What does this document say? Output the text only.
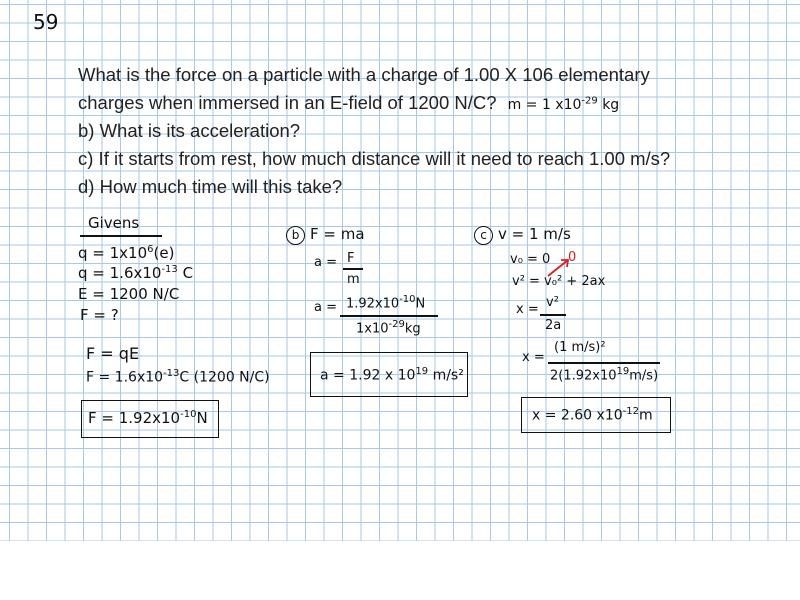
59
What is the force on a particle with a charge of 1.00 X 106 elementary
charges when immersed in an E-field of 1200 N/C? m = 1 $x10^{-29}$ kg
b) What is its acceleration?
c) If it starts from rest, how much distance will it need to reach 1.00 m/s?
d) How much time will this take?
Givens
$q = 1x10^6(e)$
$q = 1.6x10^{-13}$ C
E = 1200 N/C
F = ?
F = qE
$F = 1.6x10^{-13}C$ (1200 N/C)
$F = 1.92x10^{-10}N$
b F = ma
a = F
m
$a = 1.92x10^{-10}N$
$1x10^{-29}kg$
a = 1.92 x $10^{19}$ m/s²
c v = 1 m/s
v₀ = 0
v² = v₀² + 2ax
0
x = v²
2a
x =
(1 m/s)²
$2(1.92x10^{19}m/s)$
x = 2.60 $x10^{-12}m$
